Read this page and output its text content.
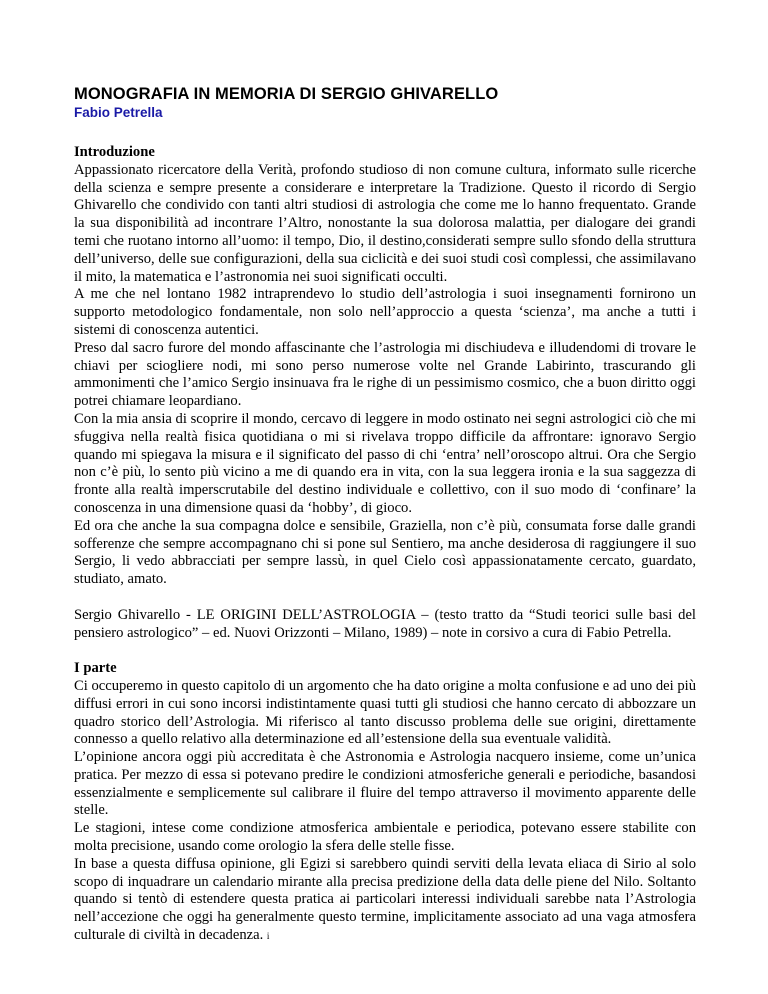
MONOGRAFIA IN MEMORIA DI SERGIO GHIVARELLO
Fabio Petrella

Introduzione

Appassionato ricercatore della Verità, profondo studioso di non comune cultura, informato sulle ricerche della scienza e sempre presente a considerare e interpretare la Tradizione. Questo il ricordo di Sergio Ghivarello che condivido con tanti altri studiosi di astrologia che come me lo hanno frequentato. Grande la sua disponibilità ad incontrare l’Altro, nonostante la sua dolorosa malattia, per dialogare dei grandi temi che ruotano intorno all’uomo: il tempo, Dio, il destino,considerati sempre sullo sfondo della struttura dell’universo, delle sue configurazioni, della sua ciclicità e dei suoi studi così complessi, che assimilavano il mito, la matematica e l’astronomia nei suoi significati occulti.

A me che nel lontano 1982 intraprendevo lo studio dell’astrologia i suoi insegnamenti fornirono un supporto metodologico fondamentale, non solo nell’approccio a questa ‘scienza’, ma anche a tutti i sistemi di conoscenza autentici.

Preso dal sacro furore del mondo affascinante che l’astrologia mi dischiudeva e illudendomi di trovare le chiavi per sciogliere nodi, mi sono perso numerose volte nel Grande Labirinto, trascurando gli ammonimenti che l’amico Sergio insinuava fra le righe di un pessimismo cosmico, che a buon diritto oggi potrei chiamare leopardiano.

Con la mia ansia di scoprire il mondo, cercavo di leggere in modo ostinato nei segni astrologici ciò che mi sfuggiva nella realtà fisica quotidiana o mi si rivelava troppo difficile da affrontare: ignoravo Sergio quando mi spiegava la misura e il significato del passo di chi ‘entra’ nell’oroscopo altrui. Ora che Sergio non c’è più, lo sento più vicino a me di quando era in vita, con la sua leggera ironia e la sua saggezza di fronte alla realtà imperscrutabile del destino individuale e collettivo, con il suo modo di ‘confinare’ la conoscenza in una dimensione quasi da ‘hobby’, di gioco.

Ed ora che anche la sua compagna dolce e sensibile, Graziella, non c’è più, consumata forse dalle grandi sofferenze che sempre accompagnano chi si pone sul Sentiero, ma anche desiderosa di raggiungere il suo Sergio, li vedo abbracciati per sempre lassù, in quel Cielo così appassionatamente cercato, guardato, studiato, amato.

Sergio Ghivarello - LE ORIGINI DELL’ASTROLOGIA – (testo tratto da “Studi teorici sulle basi del pensiero astrologico” – ed. Nuovi Orizzonti – Milano, 1989) – note in corsivo a cura di Fabio Petrella.

I parte

Ci occuperemo in questo capitolo di un argomento che ha dato origine a molta confusione e ad uno dei più diffusi errori in cui sono incorsi indistintamente quasi tutti gli studiosi che hanno cercato di abbozzare un quadro storico dell’Astrologia. Mi riferisco al tanto discusso problema delle sue origini, direttamente connesso a quello relativo alla determinazione ed all’estensione della sua eventuale validità.

L’opinione ancora oggi più accreditata è che Astronomia e Astrologia nacquero insieme, come un’unica pratica. Per mezzo di essa si potevano predire le condizioni atmosferiche generali e periodiche, basandosi essenzialmente e semplicemente sul calibrare il fluire del tempo attraverso il movimento apparente delle stelle.

Le stagioni, intese come condizione atmosferica ambientale e periodica, potevano essere stabilite con molta precisione, usando come orologio la sfera delle stelle fisse.

In base a questa diffusa opinione, gli Egizi si sarebbero quindi serviti della levata eliaca di Sirio al solo scopo di inquadrare un calendario mirante alla precisa predizione della data delle piene del Nilo. Soltanto quando si tentò di estendere questa pratica ai particolari interessi individuali sarebbe nata l’Astrologia nell’accezione che oggi ha generalmente questo termine, implicitamente associato ad una vaga atmosfera culturale di civiltà in decadenza. i
